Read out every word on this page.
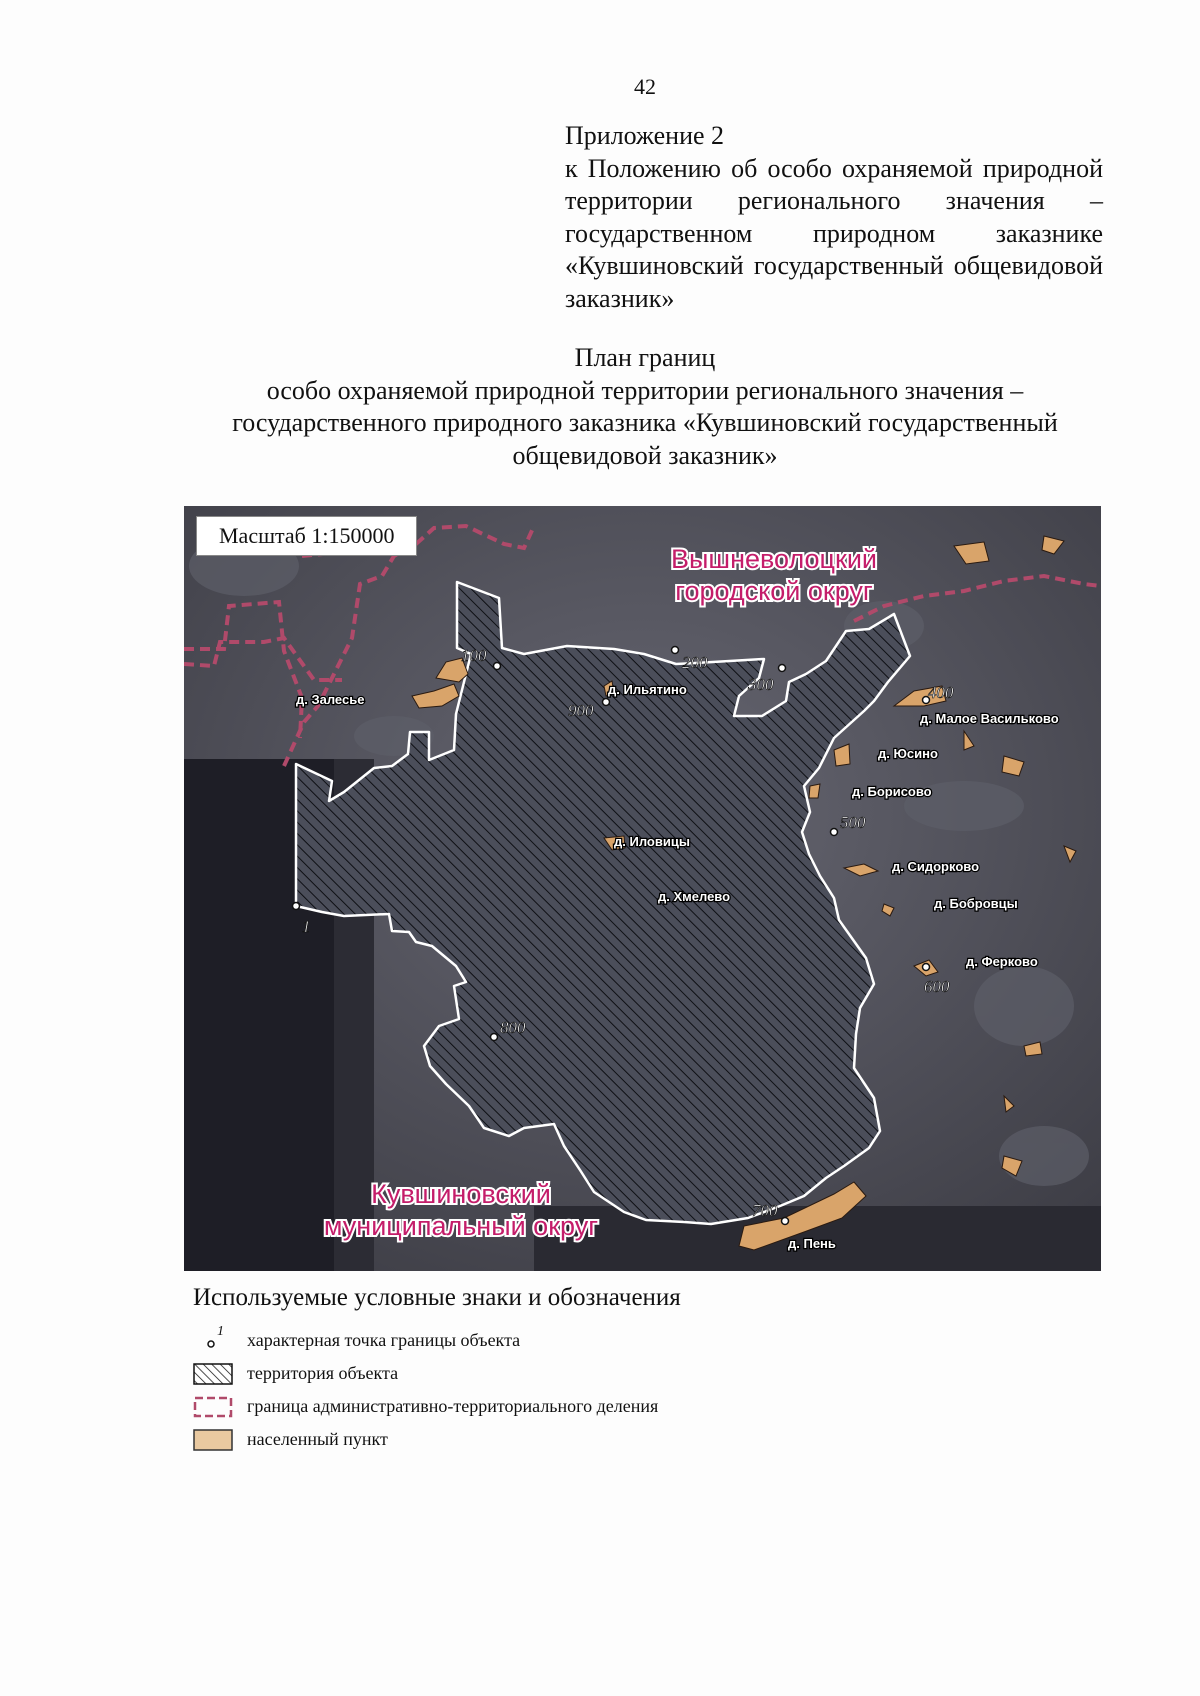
42
Приложение 2
к Положению об особо охраняемой природной территории регионального значения – государственном природном заказнике «Кувшиновский государственный общевидовой заказник»
План границ
особо охраняемой природной территории регионального значения –
государственного природного заказника «Кувшиновский государственный
общевидовой заказник»
1
100	200
300	400
500
600
700
800
900
д. Залесье
д. Ильятино
д. Малое Васильково
д. Юсино
д. Борисово
д. Иловицы
д. Хмелево
д. Сидорково
д. Бобровцы
д. Ферково
д. Пень
Вышневолоцкий
городской округ
Кувшиновский
муниципальный округ
Масштаб 1:150000
Используемые условные знаки и обозначения
1 характерная точка границы объекта
территория объекта
граница административно-территориального деления
населенный пункт
